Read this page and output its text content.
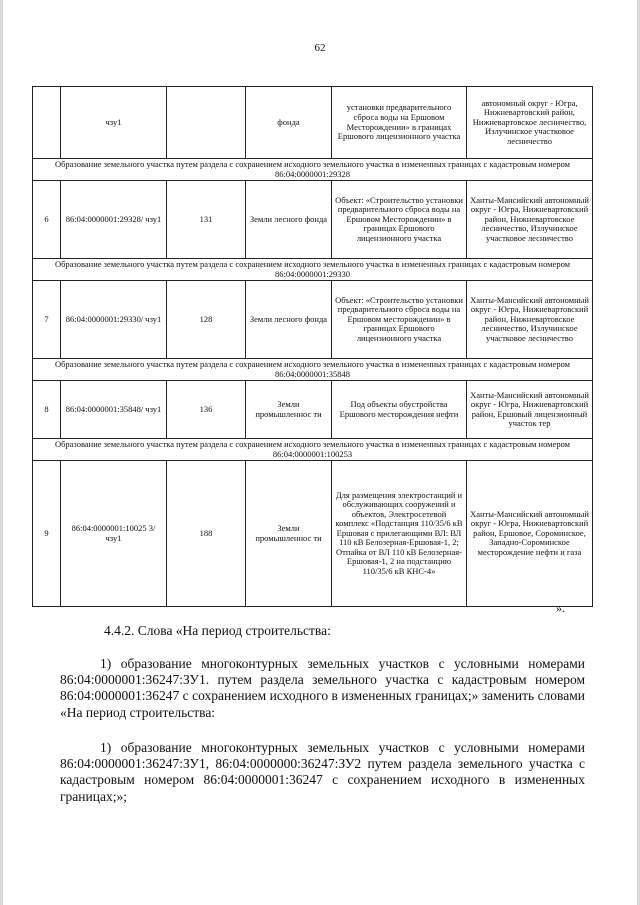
62
	чзу1		фонда	установки предварительного сброса воды на Ершовом Месторождении» в границах Ершового лицензионного участка	автономный округ - Югра, Нижневартовский район, Нижневартовское лесничество, Излучинское участковое лесничество
Образование земельного участка путем раздела с сохранением исходного земельного участка в измененных границах с кадастровым номером 86:04:0000001:29328					
6	86:04:0000001:29328/ чзу1	131	Земли лесного фонда	Объект: «Строительство установки предварительного сброса воды на Ершовом Месторождении» в границах Ершового лицензионного участка	Ханты-Мансийский автономный округ - Югра, Нижневартовский район, Нижневартовское лесничество, Излучинское участковое лесничество
Образование земельного участка путем раздела с сохранением исходного земельного участка в измененных границах с кадастровым номером 86:04:0000001:29330					
7	86:04:0000001:29330/ чзу1	128	Земли лесного фонда	Объект: «Строительство установки предварительного сброса воды на Ершовом месторождении» в границах Ершового лицензионного участка	Ханты-Мансийский автономный округ - Югра, Нижневартовский район, Нижневартовское лесничество, Излучинское участковое лесничество
Образование земельного участка путем раздела с сохранением исходного земельного участка в измененных границах с кадастровым номером 86:04:0000001:35848					
8	86:04:0000001:35848/ чзу1	136	Земли промышленнос ти	Под объекты обустройства Ершового месторождения нефти	Ханты-Мансийский автономный округ - Югра, Нижневартовский район, Ершовый лицензионный участок тер
Образование земельного участка путем раздела с сохранением исходного земельного участка в измененных границах с кадастровым номером 86:04:0000001:100253					
9	86:04:0000001:10025 3/чзу1	188	Земли промышленнос ти	Для размещения электростанций и обслуживающих сооружений и объектов, Электросетевой комплекс «Подстанция 110/35/6 кВ Ершовая с прилегающими ВЛ: ВЛ 110 кВ Белозерная-Ершовая-1, 2; Отпайка от ВЛ 110 кВ Белозерная-Ершовая-1, 2 на подстанцию 110/35/6 кВ КНС-4»	Ханты-Мансийский автономный округ - Югра, Нижневартовский район, Ершовое, Сороминское, Западно-Сороминское месторождение нефти и газа
».
4.4.2. Слова «На период строительства:
1) образование многоконтурных земельных участков с условными номерами 86:04:0000001:36247:ЗУ1. путем раздела земельного участка с кадастровым номером 86:04:0000001:36247 с сохранением исходного в измененных границах;» заменить словами «На период строительства:
1) образование многоконтурных земельных участков с условными номерами 86:04:0000001:36247:ЗУ1, 86:04:0000000:36247:ЗУ2 путем раздела земельного участка с кадастровым номером 86:04:0000001:36247 с сохранением исходного в измененных границах;»;
